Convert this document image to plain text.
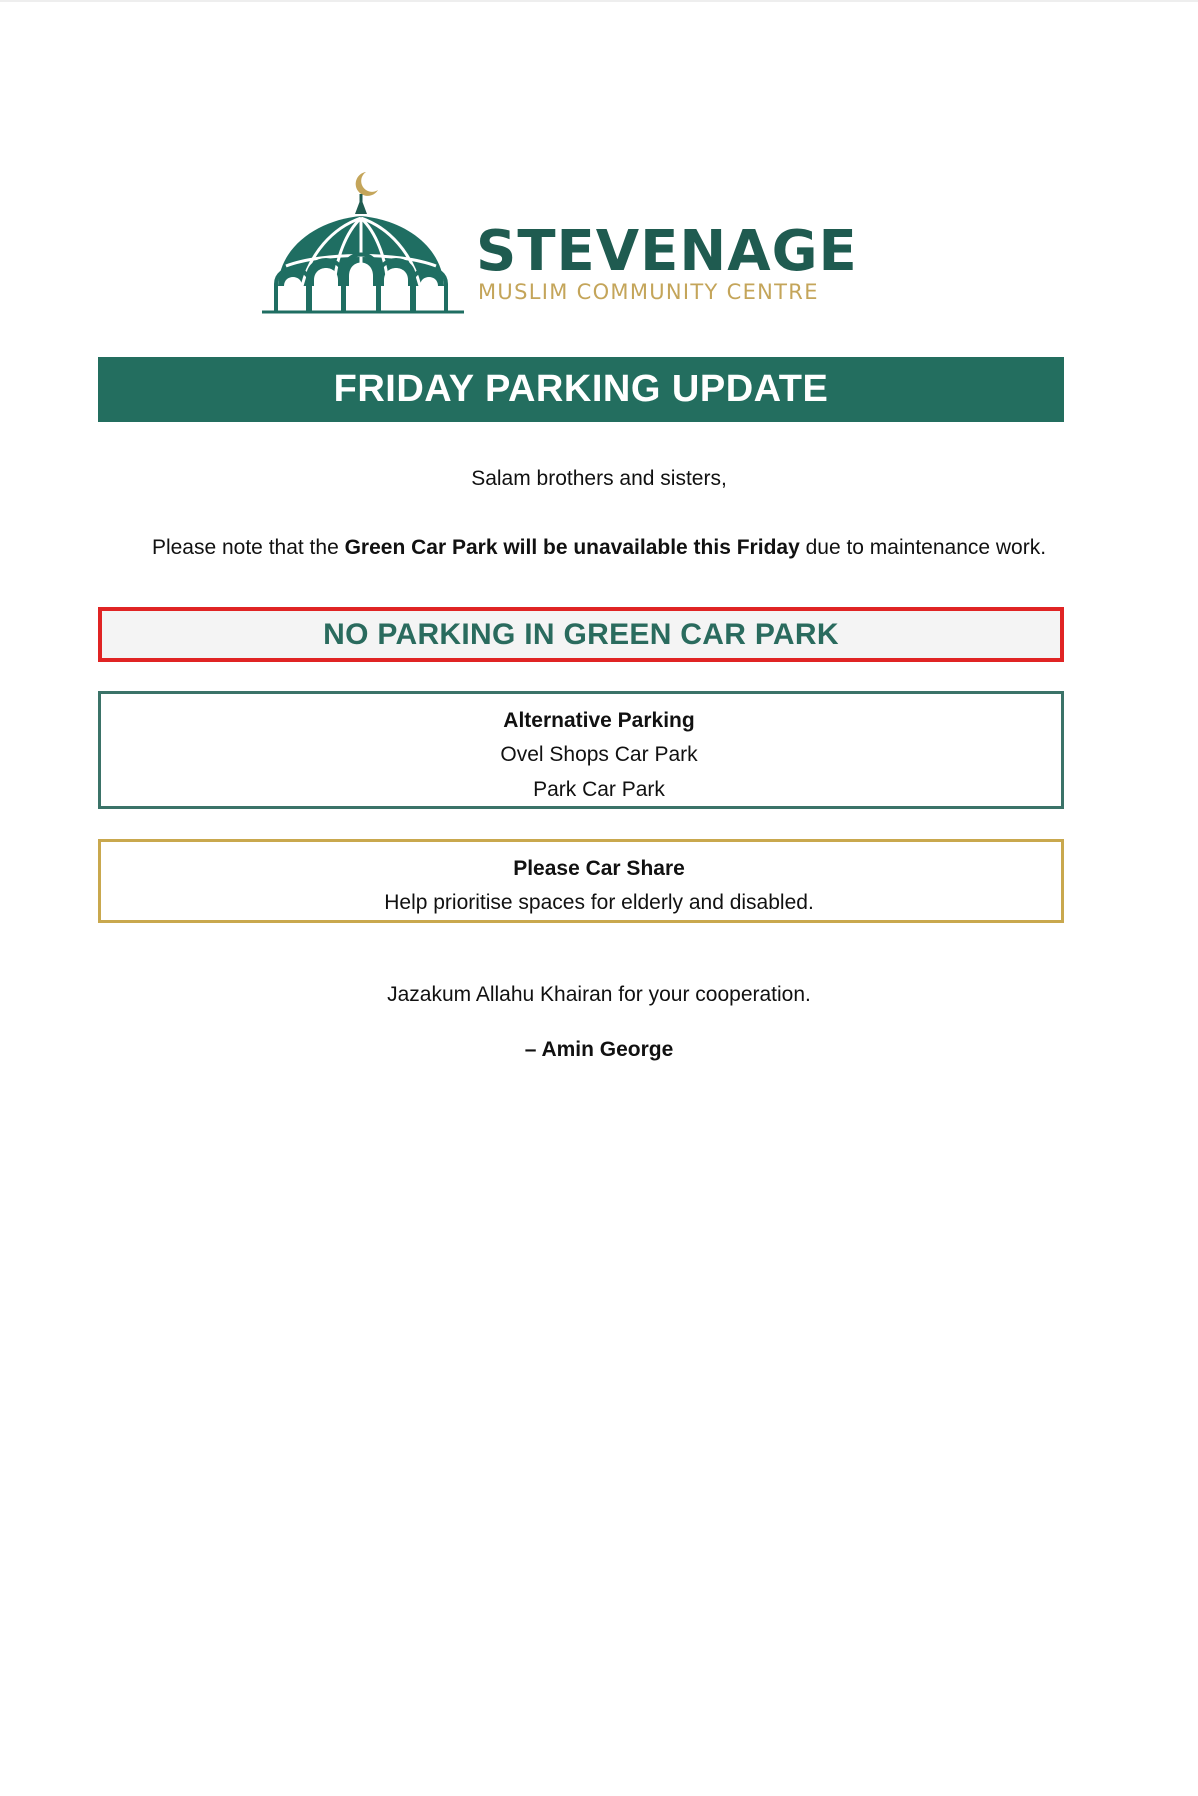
STEVENAGE
MUSLIM COMMUNITY CENTRE
FRIDAY PARKING UPDATE
Salam brothers and sisters,
Please note that the Green Car Park will be unavailable this Friday due to maintenance work.
NO PARKING IN GREEN CAR PARK
Alternative Parking
Ovel Shops Car Park
Park Car Park
Please Car Share
Help prioritise spaces for elderly and disabled.
Jazakum Allahu Khairan for your cooperation.
– Amin George
